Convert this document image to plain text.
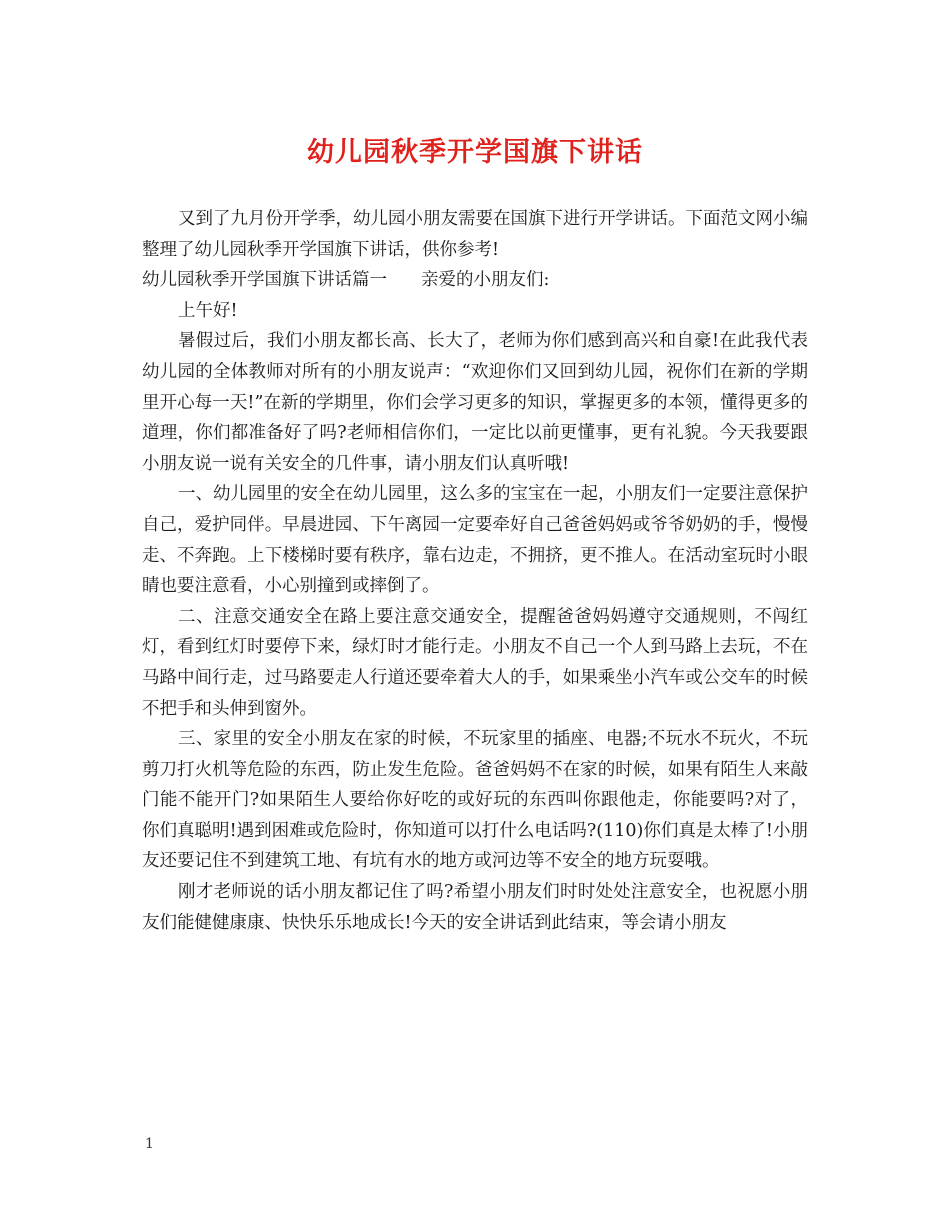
幼儿园秋季开学国旗下讲话

又到了九月份开学季，幼儿园小朋友需要在国旗下进行开学讲话。下面范文网小编整理了幼儿园秋季开学国旗下讲话，供你参考!

幼儿园秋季开学国旗下讲话篇一 亲爱的小朋友们:

上午好!

暑假过后，我们小朋友都长高、长大了，老师为你们感到高兴和自豪!在此我代表幼儿园的全体教师对所有的小朋友说声：“欢迎你们又回到幼儿园，祝你们在新的学期里开心每一天!”在新的学期里，你们会学习更多的知识，掌握更多的本领，懂得更多的道理，你们都准备好了吗?老师相信你们，一定比以前更懂事，更有礼貌。今天我要跟小朋友说一说有关安全的几件事，请小朋友们认真听哦!

一、幼儿园里的安全在幼儿园里，这么多的宝宝在一起，小朋友们一定要注意保护自己，爱护同伴。早晨进园、下午离园一定要牵好自己爸爸妈妈或爷爷奶奶的手，慢慢走、不奔跑。上下楼梯时要有秩序，靠右边走，不拥挤，更不推人。在活动室玩时小眼睛也要注意看，小心别撞到或摔倒了。

二、注意交通安全在路上要注意交通安全，提醒爸爸妈妈遵守交通规则，不闯红灯，看到红灯时要停下来，绿灯时才能行走。小朋友不自己一个人到马路上去玩，不在马路中间行走，过马路要走人行道还要牵着大人的手，如果乘坐小汽车或公交车的时候不把手和头伸到窗外。

三、家里的安全小朋友在家的时候，不玩家里的插座、电器;不玩水不玩火，不玩剪刀打火机等危险的东西，防止发生危险。爸爸妈妈不在家的时候，如果有陌生人来敲门能不能开门?如果陌生人要给你好吃的或好玩的东西叫你跟他走，你能要吗?对了，你们真聪明!遇到困难或危险时，你知道可以打什么电话吗?(110)你们真是太棒了!小朋友还要记住不到建筑工地、有坑有水的地方或河边等不安全的地方玩耍哦。

刚才老师说的话小朋友都记住了吗?希望小朋友们时时处处注意安全，也祝愿小朋友们能健健康康、快快乐乐地成长!今天的安全讲话到此结束，等会请小朋友

1
